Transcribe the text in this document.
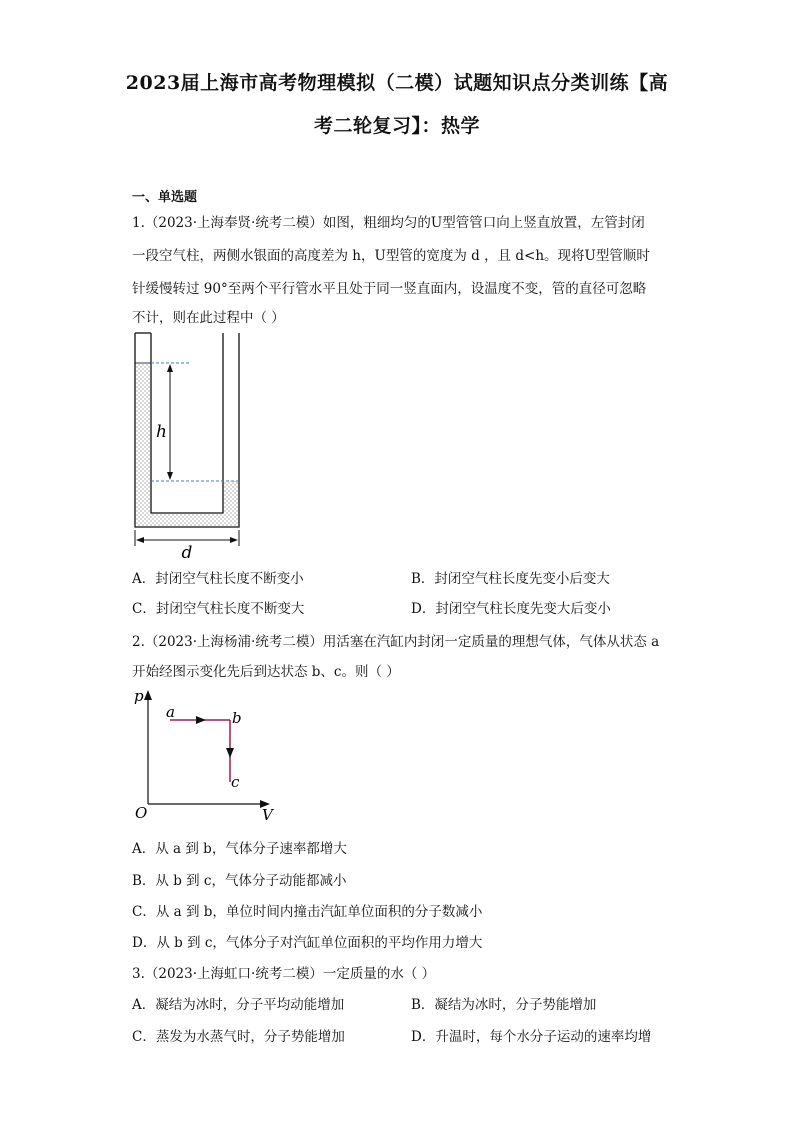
2023届上海市高考物理模拟（二模）试题知识点分类训练【高
考二轮复习】：热学
一、单选题
1.（2023·上海奉贤·统考二模）如图，粗细均匀的U型管管口向上竖直放置，左管封闭
一段空气柱，两侧水银面的高度差为 h，U型管的宽度为 d ，且 d<h。现将U型管顺时
针缓慢转过 90°至两个平行管水平且处于同一竖直面内，设温度不变，管的直径可忽略
不计，则在此过程中（ ）
h
d
A．封闭空气柱长度不断变小	B．封闭空气柱长度先变小后变大
C．封闭空气柱长度不断变大	D．封闭空气柱长度先变大后变小
2.（2023·上海杨浦·统考二模）用活塞在汽缸内封闭一定质量的理想气体，气体从状态 a
开始经图示变化先后到达状态 b、c。则（ ）
p
V
O
a	b
c
A．从 a 到 b，气体分子速率都增大
B．从 b 到 c，气体分子动能都减小
C．从 a 到 b，单位时间内撞击汽缸单位面积的分子数减小
D．从 b 到 c，气体分子对汽缸单位面积的平均作用力增大
3.（2023·上海虹口·统考二模）一定质量的水（ ）
A．凝结为冰时，分子平均动能增加	B．凝结为冰时，分子势能增加
C．蒸发为水蒸气时，分子势能增加	D．升温时，每个水分子运动的速率均增
